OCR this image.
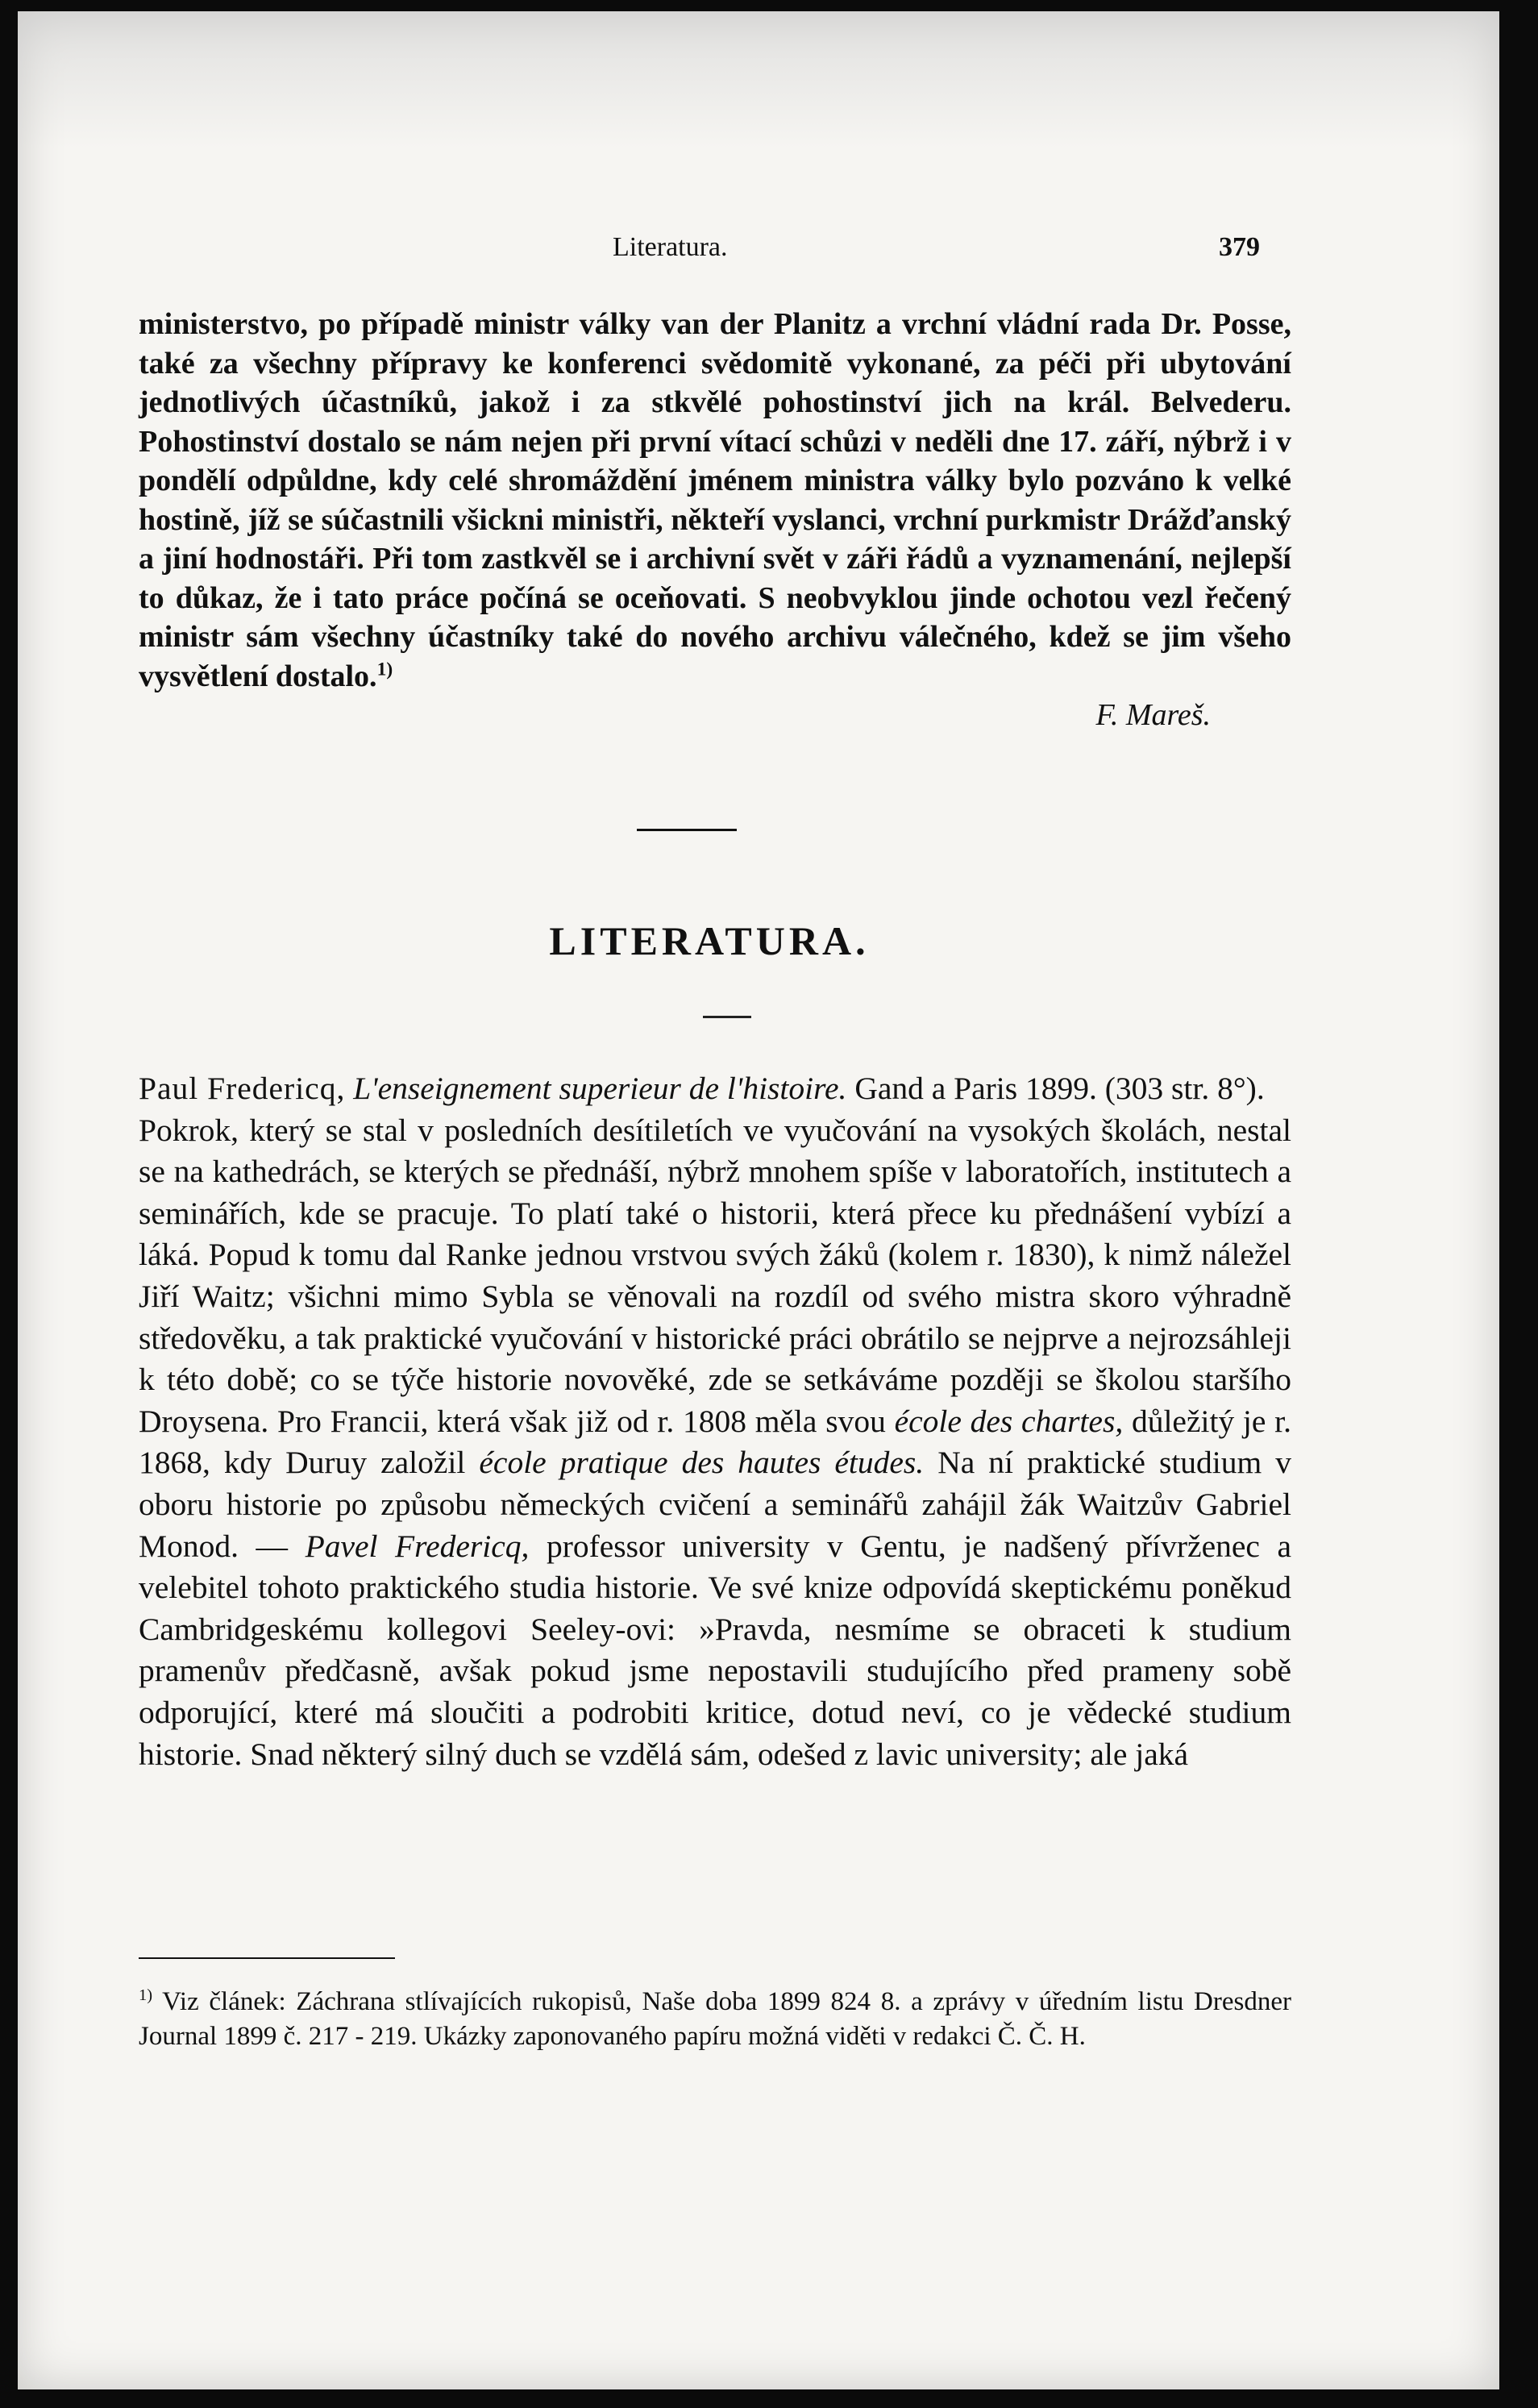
Literatura.	379

ministerstvo, po případě ministr války van der Planitz a vrchní vládní rada Dr. Posse, také za všechny přípravy ke konferenci svědomitě vykonané, za péči při ubytování jednotlivých účastníků, jakož i za stkvělé pohostinství jich na král. Belvederu. Pohostinství dostalo se nám nejen při první vítací schůzi v neděli dne 17. září, nýbrž i v pondělí odpůldne, kdy celé shromáždění jménem ministra války bylo pozváno k velké hostině, jíž se súčastnili všickni ministři, někteří vyslanci, vrchní purkmistr Drážďanský a jiní hodnostáři. Při tom zastkvěl se i archivní svět v záři řádů a vyznamenání, nejlepší to důkaz, že i tato práce počíná se oceňovati. S neobvyklou jinde ochotou vezl řečený ministr sám všechny účastníky také do nového archivu válečného, kdež se jim všeho vysvětlení dostalo.$^{1)}$

F. Mareš.

LITERATURA.

Paul Fredericq, L'enseignement superieur de l'histoire. Gand a Paris 1899. (303 str. 8°).

Pokrok, který se stal v posledních desítiletích ve vyučování na vysokých školách, nestal se na kathedrách, se kterých se přednáší, nýbrž mnohem spíše v laboratořích, institutech a seminářích, kde se pracuje. To platí také o historii, která přece ku přednášení vybízí a láká. Popud k tomu dal Ranke jednou vrstvou svých žáků (kolem r. 1830), k nimž náležel Jiří Waitz; všichni mimo Sybla se věnovali na rozdíl od svého mistra skoro výhradně středověku, a tak praktické vyučování v historické práci obrátilo se nejprve a nejrozsáhleji k této době; co se týče historie novověké, zde se setkáváme později se školou staršího Droysena. Pro Francii, která však již od r. 1808 měla svou école des chartes, důležitý je r. 1868, kdy Duruy založil école pratique des hautes études. Na ní praktické studium v oboru historie po způsobu německých cvičení a seminářů zahájil žák Waitzův Gabriel Monod. — Pavel Fredericq, professor university v Gentu, je nadšený přívrženec a velebitel tohoto praktického studia historie. Ve své knize odpovídá skeptickému poněkud Cambridgeskému kollegovi Seeley-ovi: »Pravda, nesmíme se obraceti k studium pramenův předčasně, avšak pokud jsme nepostavili studujícího před prameny sobě odporující, které má sloučiti a podrobiti kritice, dotud neví, co je vědecké studium historie. Snad některý silný duch se vzdělá sám, odešed z lavic university; ale jaká

$^{1)}$ Viz článek: Záchrana stlívajících rukopisů, Naše doba 1899 824 8. a zprávy v úředním listu Dresdner Journal 1899 č. 217 - 219. Ukázky zaponovaného papíru možná viděti v redakci Č. Č. H.
